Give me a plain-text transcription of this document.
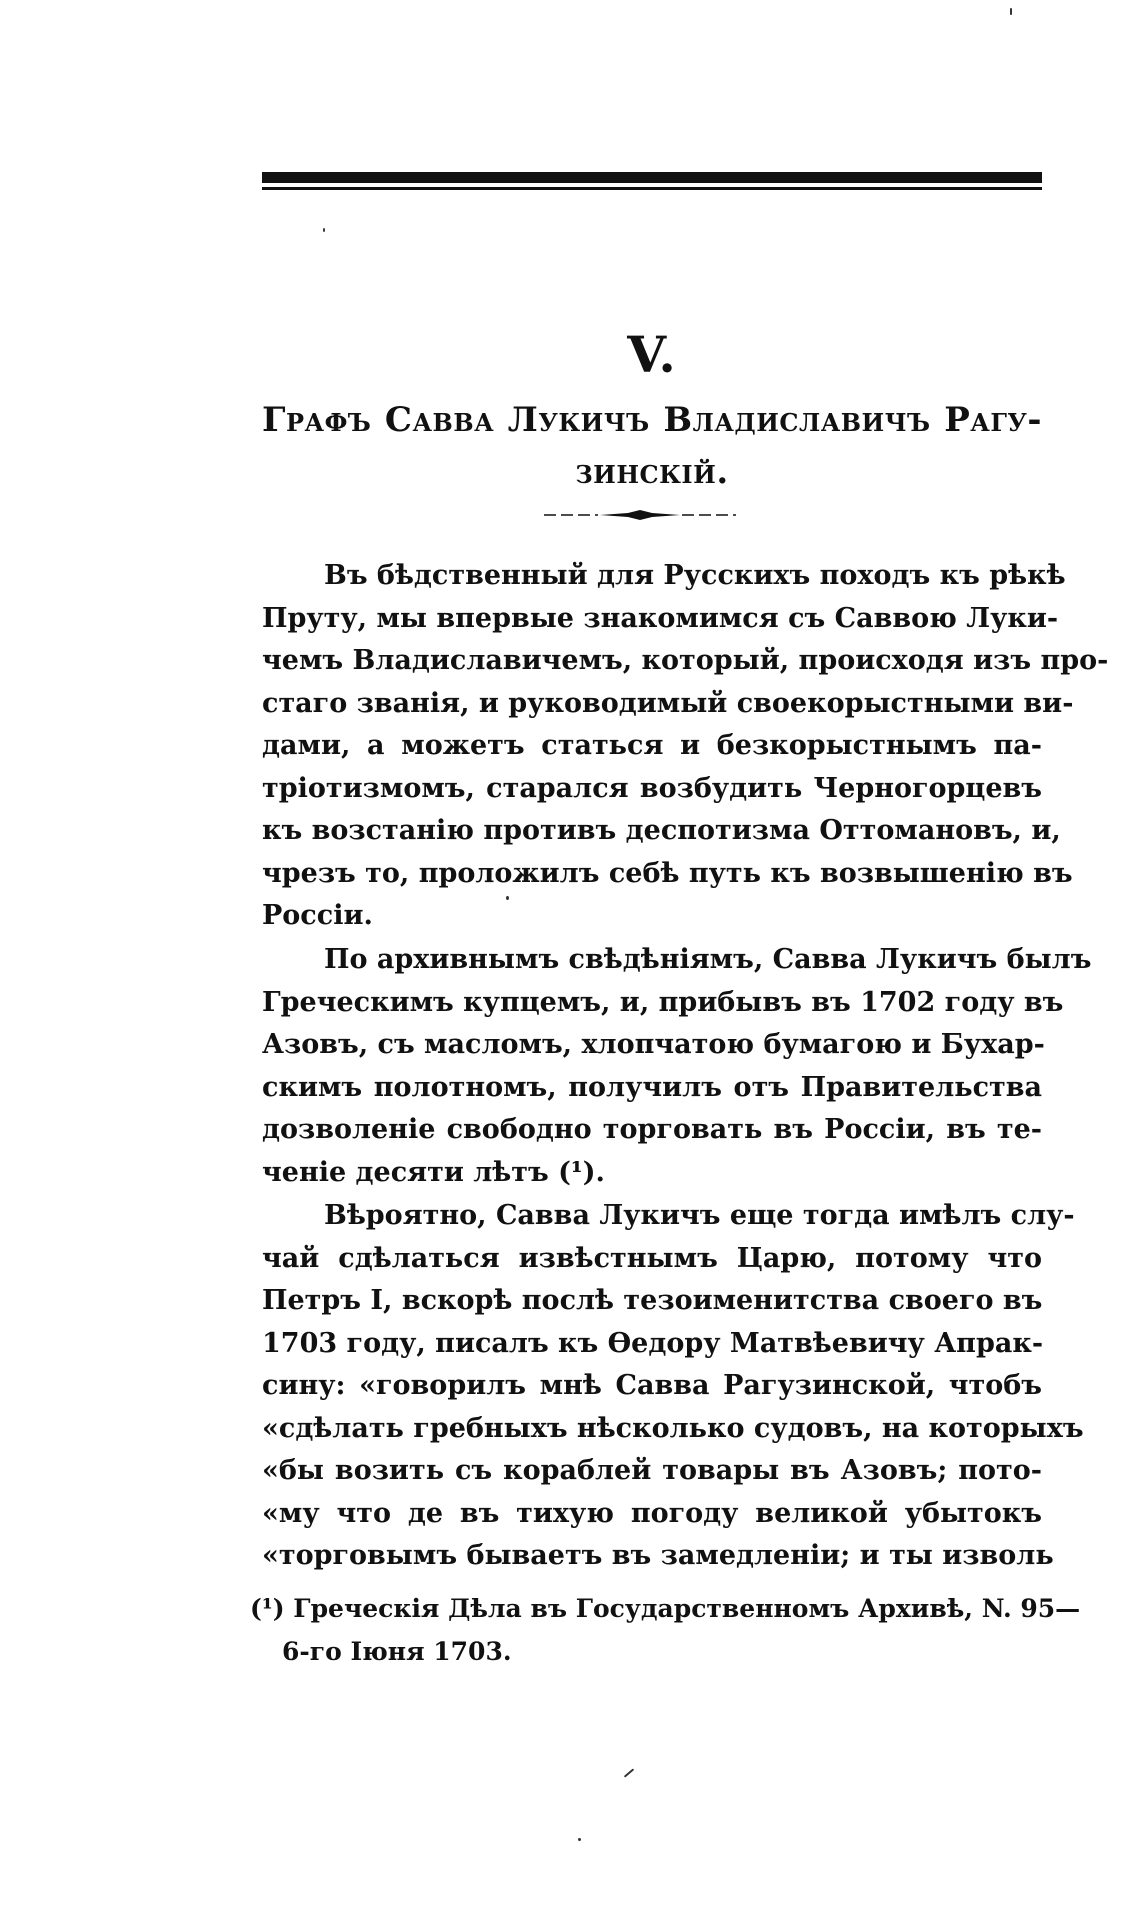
V.
Графъ Савва Лукичъ Владиславичъ Рагу-
зинскій.
Въ бѣдственный для Русскихъ походъ къ рѣкѣ
Пруту, мы впервые знакомимся съ Саввою Луки-
чемъ Владиславичемъ, который, происходя изъ про-
стаго званія, и руководимый своекорыстными ви-
дами, а можетъ статься и безкорыстнымъ па-
тріотизмомъ, старался возбудить Черногорцевъ
къ возстанію противъ деспотизма Оттомановъ, и,
чрезъ то, проложилъ себѣ путь къ возвышенію въ
Россіи.
По архивнымъ свѣдѣніямъ, Савва Лукичъ былъ
Греческимъ купцемъ, и, прибывъ въ 1702 году въ
Азовъ, съ масломъ, хлопчатою бумагою и Бухар-
скимъ полотномъ, получилъ отъ Правительства
дозволеніе свободно торговать въ Россіи, въ те-
ченіе десяти лѣтъ (¹).
Вѣроятно, Савва Лукичъ еще тогда имѣлъ слу-
чай сдѣлаться извѣстнымъ Царю, потому что
Петръ I, вскорѣ послѣ тезоименитства своего въ
1703 году, писалъ къ Ѳедору Матвѣевичу Апрак-
сину: «говорилъ мнѣ Савва Рагузинской, чтобъ
«сдѣлать гребныхъ нѣсколько судовъ, на которыхъ
«бы возить съ кораблей товары въ Азовъ; пото-
«му что де въ тихую погоду великой убытокъ
«торговымъ бываетъ въ замедленіи; и ты изволь
(¹) Греческія Дѣла въ Государственномъ Архивѣ, N. 95—
6-го Іюня 1703.
